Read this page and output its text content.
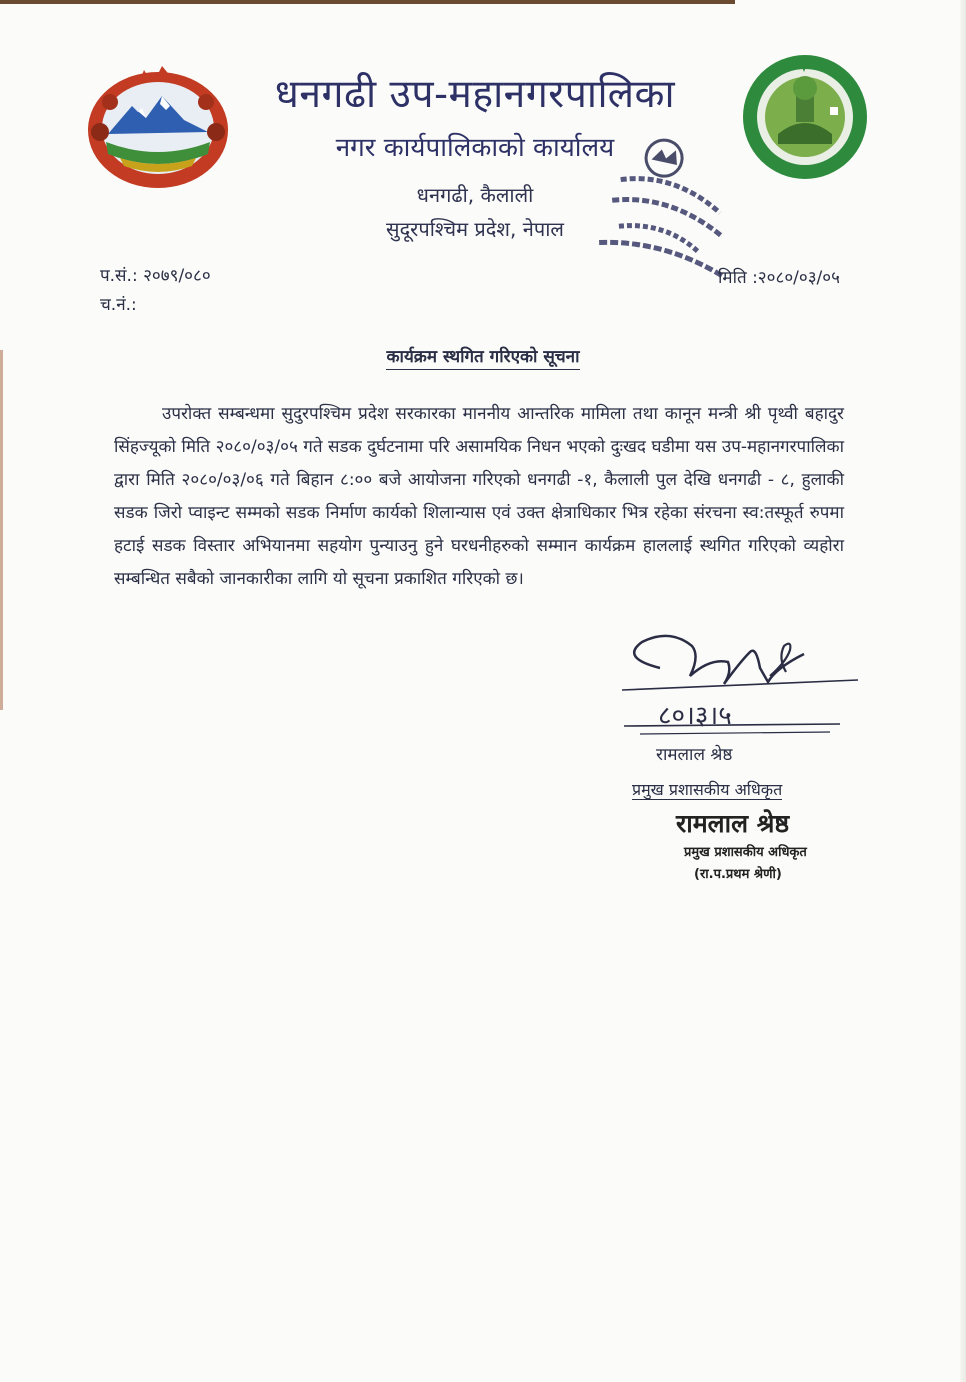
धनगढी उप-महानगरपालिका
नगर कार्यपालिकाको कार्यालय
धनगढी, कैलाली
सुदूरपश्चिम प्रदेश, नेपाल
प.सं.: २०७९/०८०
च.नं.:
मिति :२०८०/०३/०५
कार्यक्रम स्थगित गरिएको सूचना
उपरोक्त सम्बन्धमा सुदुरपश्चिम प्रदेश सरकारका माननीय आन्तरिक मामिला तथा कानून मन्त्री श्री पृथ्वी बहादुर सिंहज्यूको मिति २०८०/०३/०५ गते सडक दुर्घटनामा परि असामयिक निधन भएको दुःखद घडीमा यस उप-महानगरपालिका द्वारा मिति २०८०/०३/०६ गते बिहान ८:०० बजे आयोजना गरिएको धनगढी -१, कैलाली पुल देखि धनगढी - ८, हुलाकी सडक जिरो प्वाइन्ट सम्मको सडक निर्माण कार्यको शिलान्यास एवं उक्त क्षेत्राधिकार भित्र रहेका संरचना स्व:तस्फूर्त रुपमा हटाई सडक विस्तार अभियानमा सहयोग पुन्याउनु हुने घरधनीहरुको सम्मान कार्यक्रम हाललाई स्थगित गरिएको व्यहोरा सम्बन्धित सबैको जानकारीका लागि यो सूचना प्रकाशित गरिएको छ।
८०।३।५
रामलाल श्रेष्ठ
प्रमुख प्रशासकीय अधिकृत
रामलाल श्रेष्ठ
प्रमुख प्रशासकीय अधिकृत
(रा.प.प्रथम श्रेणी)
